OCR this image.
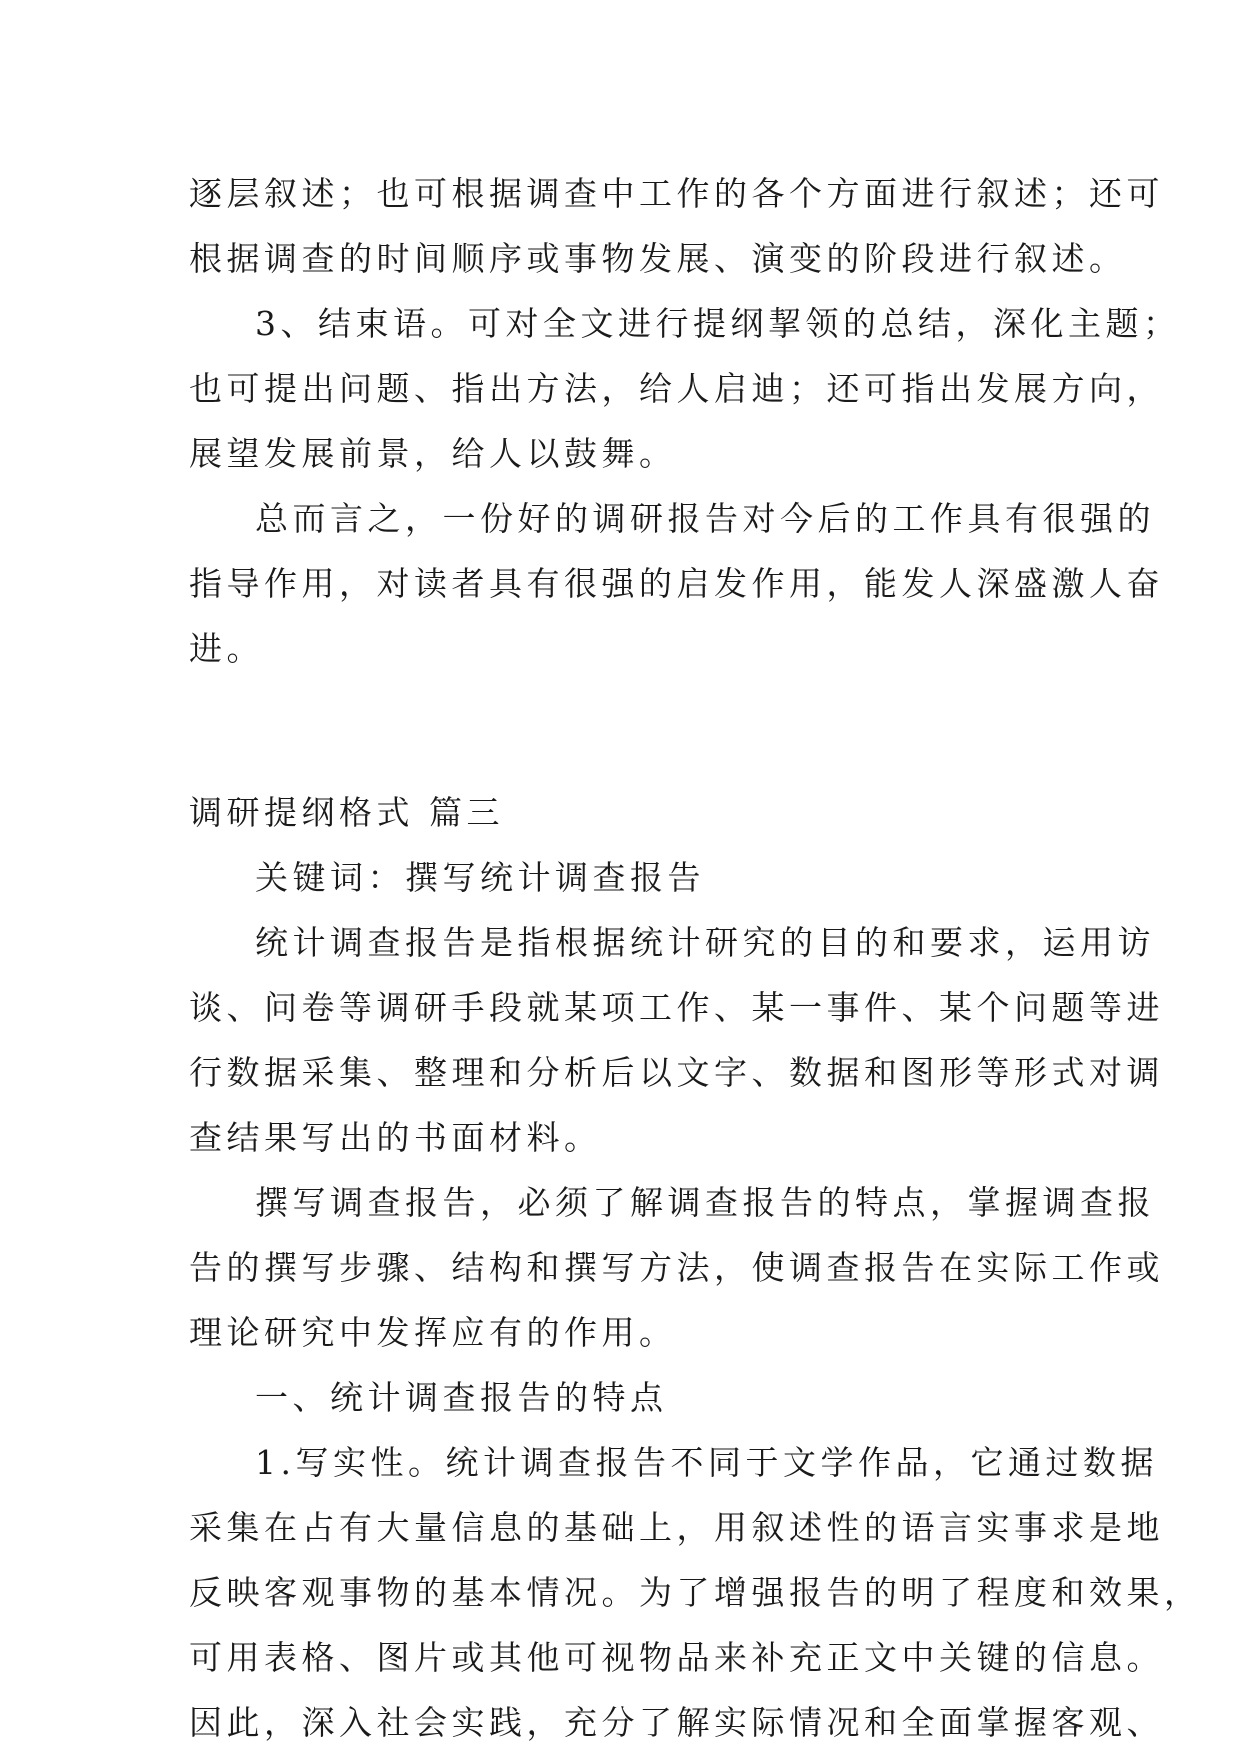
逐层叙述；也可根据调查中工作的各个方面进行叙述；还可
根据调查的时间顺序或事物发展、演变的阶段进行叙述。
3、结束语。可对全文进行提纲挈领的总结，深化主题；
也可提出问题、指出方法，给人启迪；还可指出发展方向，
展望发展前景，给人以鼓舞。
总而言之，一份好的调研报告对今后的工作具有很强的
指导作用，对读者具有很强的启发作用，能发人深盛激人奋
进。
调研提纲格式 篇三
关键词：撰写统计调查报告
统计调查报告是指根据统计研究的目的和要求，运用访
谈、问卷等调研手段就某项工作、某一事件、某个问题等进
行数据采集、整理和分析后以文字、数据和图形等形式对调
查结果写出的书面材料。
撰写调查报告，必须了解调查报告的特点，掌握调查报
告的撰写步骤、结构和撰写方法，使调查报告在实际工作或
理论研究中发挥应有的作用。
一、统计调查报告的特点
1.写实性。统计调查报告不同于文学作品，它通过数据
采集在占有大量信息的基础上，用叙述性的语言实事求是地
反映客观事物的基本情况。为了增强报告的明了程度和效果，
可用表格、图片或其他可视物品来补充正文中关键的信息。
因此，深入社会实践，充分了解实际情况和全面掌握客观、
